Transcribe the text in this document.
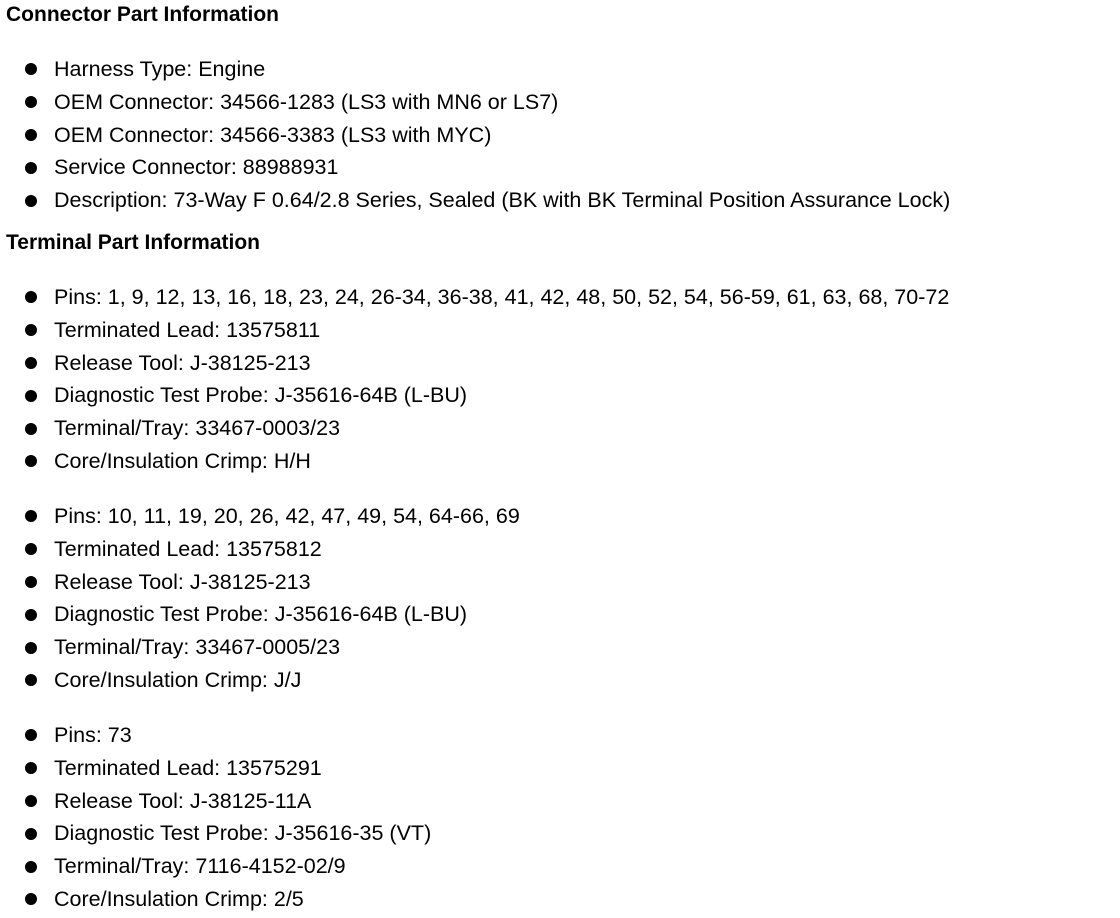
Connector Part Information
Harness Type: Engine
OEM Connector: 34566-1283 (LS3 with MN6 or LS7)
OEM Connector: 34566-3383 (LS3 with MYC)
Service Connector: 88988931
Description: 73-Way F 0.64/2.8 Series, Sealed (BK with BK Terminal Position Assurance Lock)
Terminal Part Information
Pins: 1, 9, 12, 13, 16, 18, 23, 24, 26-34, 36-38, 41, 42, 48, 50, 52, 54, 56-59, 61, 63, 68, 70-72
Terminated Lead: 13575811
Release Tool: J-38125-213
Diagnostic Test Probe: J-35616-64B (L-BU)
Terminal/Tray: 33467-0003/23
Core/Insulation Crimp: H/H
Pins: 10, 11, 19, 20, 26, 42, 47, 49, 54, 64-66, 69
Terminated Lead: 13575812
Release Tool: J-38125-213
Diagnostic Test Probe: J-35616-64B (L-BU)
Terminal/Tray: 33467-0005/23
Core/Insulation Crimp: J/J
Pins: 73
Terminated Lead: 13575291
Release Tool: J-38125-11A
Diagnostic Test Probe: J-35616-35 (VT)
Terminal/Tray: 7116-4152-02/9
Core/Insulation Crimp: 2/5
